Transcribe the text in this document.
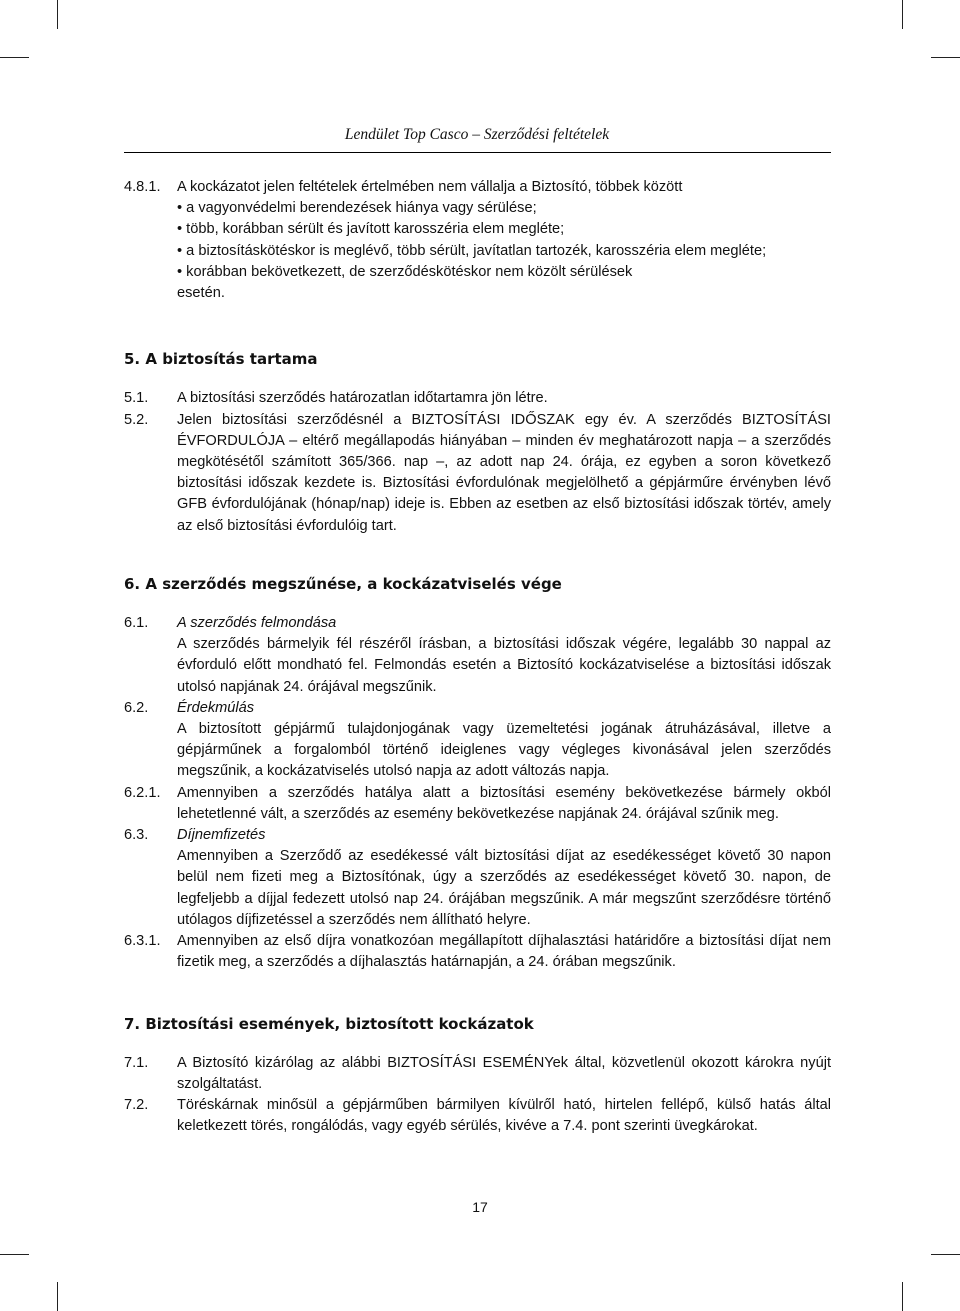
Lendület Top Casco – Szerződési feltételek
4.8.1.	A kockázatot jelen feltételek értelmében nem vállalja a Biztosító, többek között
• a vagyonvédelmi berendezések hiánya vagy sérülése;
• több, korábban sérült és javított karosszéria elem megléte;
• a biztosításkötéskor is meglévő, több sérült, javítatlan tartozék, karosszéria elem megléte;
• korábban bekövetkezett, de szerződéskötéskor nem közölt sérülések
esetén.
5. A biztosítás tartama
5.1.	A biztosítási szerződés határozatlan időtartamra jön létre.
5.2.	Jelen biztosítási szerződésnél a BIZTOSÍTÁSI IDŐSZAK egy év. A szerződés BIZTOSÍTÁSI ÉVFORDULÓJA – eltérő megállapodás hiányában – minden év meghatározott napja – a szerződés megkötésétől számított 365/366. nap –, az adott nap 24. órája, ez egyben a soron következő biztosítási időszak kezdete is. Biztosítási évfordulónak megjelölhető a gépjárműre érvényben lévő GFB évfordulójának (hónap/nap) ideje is. Ebben az esetben az első biztosítási időszak törtév, amely az első biztosítási évfordulóig tart.
6. A szerződés megszűnése, a kockázatviselés vége
6.1.	A szerződés felmondása
A szerződés bármelyik fél részéről írásban, a biztosítási időszak végére, legalább 30 nappal az évforduló előtt mondható fel. Felmondás esetén a Biztosító kockázatviselése a biztosítási időszak utolsó napjának 24. órájával megszűnik.
6.2.	Érdekmúlás
A biztosított gépjármű tulajdonjogának vagy üzemeltetési jogának átruházásával, illetve a gépjárműnek a forgalomból történő ideiglenes vagy végleges kivonásával jelen szerződés megszűnik, a kockázatviselés utolsó napja az adott változás napja.
6.2.1.	Amennyiben a szerződés hatálya alatt a biztosítási esemény bekövetkezése bármely okból lehetetlenné vált, a szerződés az esemény bekövetkezése napjának 24. órájával szűnik meg.
6.3.	Díjnemfizetés
Amennyiben a Szerződő az esedékessé vált biztosítási díjat az esedékességet követő 30 napon belül nem fizeti meg a Biztosítónak, úgy a szerződés az esedékességet követő 30. napon, de legfeljebb a díjjal fedezett utolsó nap 24. órájában megszűnik. A már megszűnt szerződésre történő utólagos díjfizetéssel a szerződés nem állítható helyre.
6.3.1.	Amennyiben az első díjra vonatkozóan megállapított díjhalasztási határidőre a biztosítási díjat nem fizetik meg, a szerződés a díjhalasztás határnapján, a 24. órában megszűnik.
7. Biztosítási események, biztosított kockázatok
7.1.	A Biztosító kizárólag az alábbi BIZTOSÍTÁSI ESEMÉNYek által, közvetlenül okozott károkra nyújt szolgáltatást.
7.2.	Töréskárnak minősül a gépjárműben bármilyen kívülről ható, hirtelen fellépő, külső hatás által keletkezett törés, rongálódás, vagy egyéb sérülés, kivéve a 7.4. pont szerinti üvegkárokat.
17
